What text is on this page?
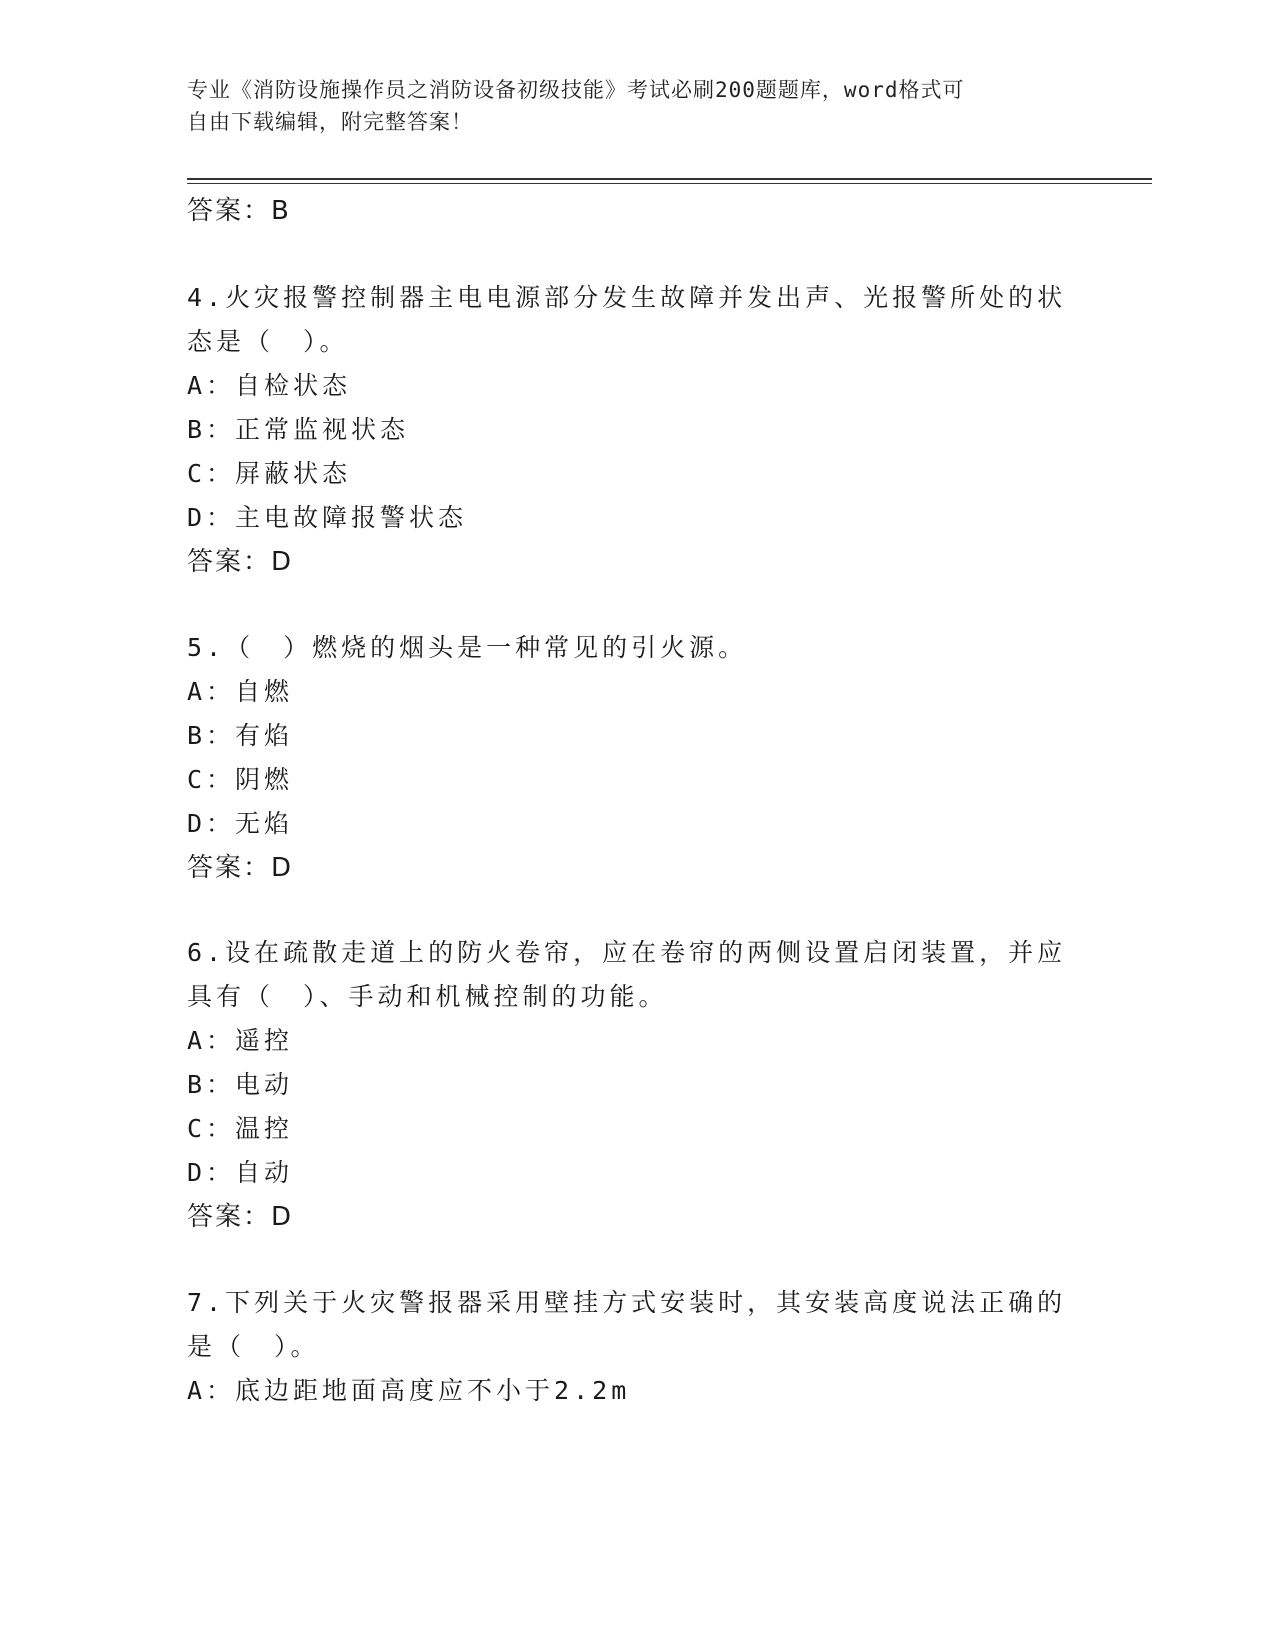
专业《消防设施操作员之消防设备初级技能》考试必刷200题题库，word格式可
自由下载编辑，附完整答案！
答案：B
4.火灾报警控制器主电电源部分发生故障并发出声、光报警所处的状
态是（　）。
A：自检状态
B：正常监视状态
C：屏蔽状态
D：主电故障报警状态
答案：D
5.（　）燃烧的烟头是一种常见的引火源。
A：自燃
B：有焰
C：阴燃
D：无焰
答案：D
6.设在疏散走道上的防火卷帘，应在卷帘的两侧设置启闭装置，并应
具有（　）、手动和机械控制的功能。
A：遥控
B：电动
C：温控
D：自动
答案：D
7.下列关于火灾警报器采用壁挂方式安装时，其安装高度说法正确的
是（　）。
A：底边距地面高度应不小于2.2m
